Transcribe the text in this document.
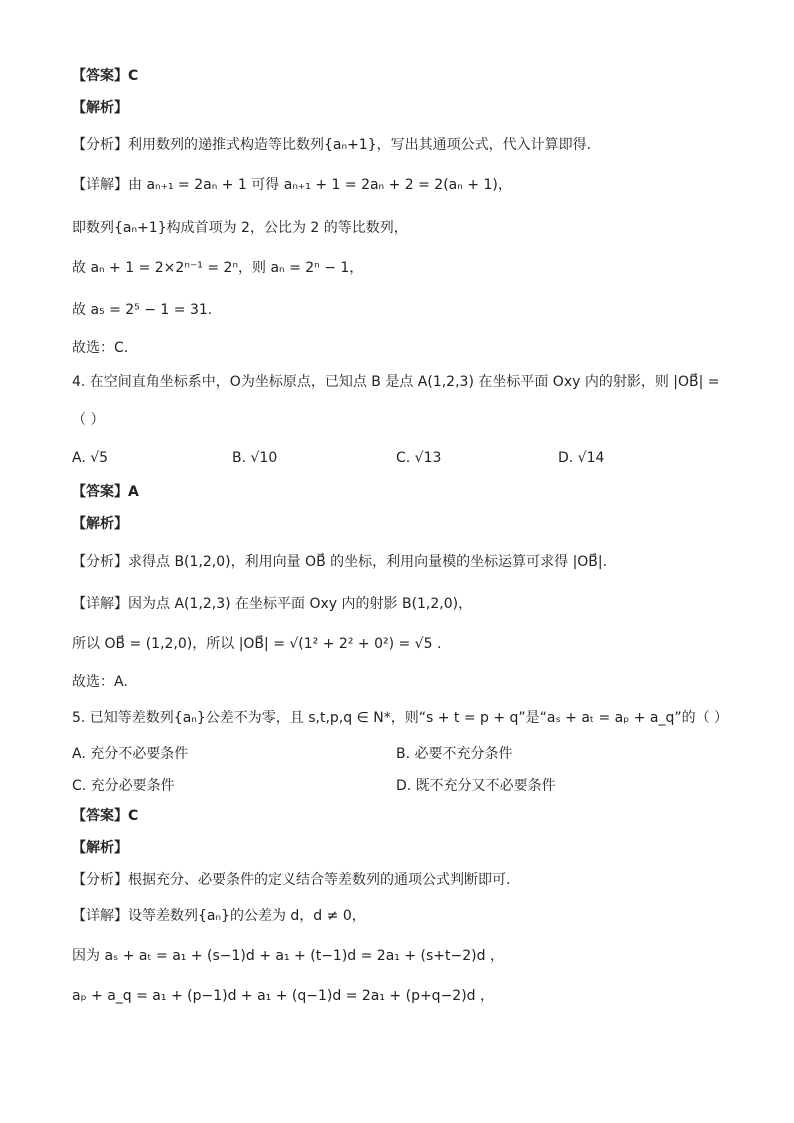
【答案】C
【解析】
【分析】利用数列的递推式构造等比数列{aₙ+1}，写出其通项公式，代入计算即得.
【详解】由 aₙ₊₁ = 2aₙ + 1 可得 aₙ₊₁ + 1 = 2aₙ + 2 = 2(aₙ + 1)，
即数列{aₙ+1}构成首项为 2，公比为 2 的等比数列，
故 aₙ + 1 = 2×2ⁿ⁻¹ = 2ⁿ，则 aₙ = 2ⁿ − 1，
故 a₅ = 2⁵ − 1 = 31.
故选：C.
4. 在空间直角坐标系中，O为坐标原点，已知点 B 是点 A(1,2,3) 在坐标平面 Oxy 内的射影，则 |OB⃗| =
（ ）
A. √5	B. √10	C. √13	D. √14
【答案】A
【解析】
【分析】求得点 B(1,2,0)，利用向量 OB⃗ 的坐标，利用向量模的坐标运算可求得 |OB⃗|.
【详解】因为点 A(1,2,3) 在坐标平面 Oxy 内的射影 B(1,2,0)，
所以 OB⃗ = (1,2,0)，所以 |OB⃗| = √(1² + 2² + 0²) = √5 .
故选：A.
5. 已知等差数列{aₙ}公差不为零，且 s,t,p,q ∈ N*，则“s + t = p + q”是“aₛ + aₜ = aₚ + a_q”的（ ）
A. 充分不必要条件	B. 必要不充分条件
C. 充分必要条件	D. 既不充分又不必要条件
【答案】C
【解析】
【分析】根据充分、必要条件的定义结合等差数列的通项公式判断即可.
【详解】设等差数列{aₙ}的公差为 d，d ≠ 0，
因为 aₛ + aₜ = a₁ + (s−1)d + a₁ + (t−1)d = 2a₁ + (s+t−2)d ，
aₚ + a_q = a₁ + (p−1)d + a₁ + (q−1)d = 2a₁ + (p+q−2)d ，
